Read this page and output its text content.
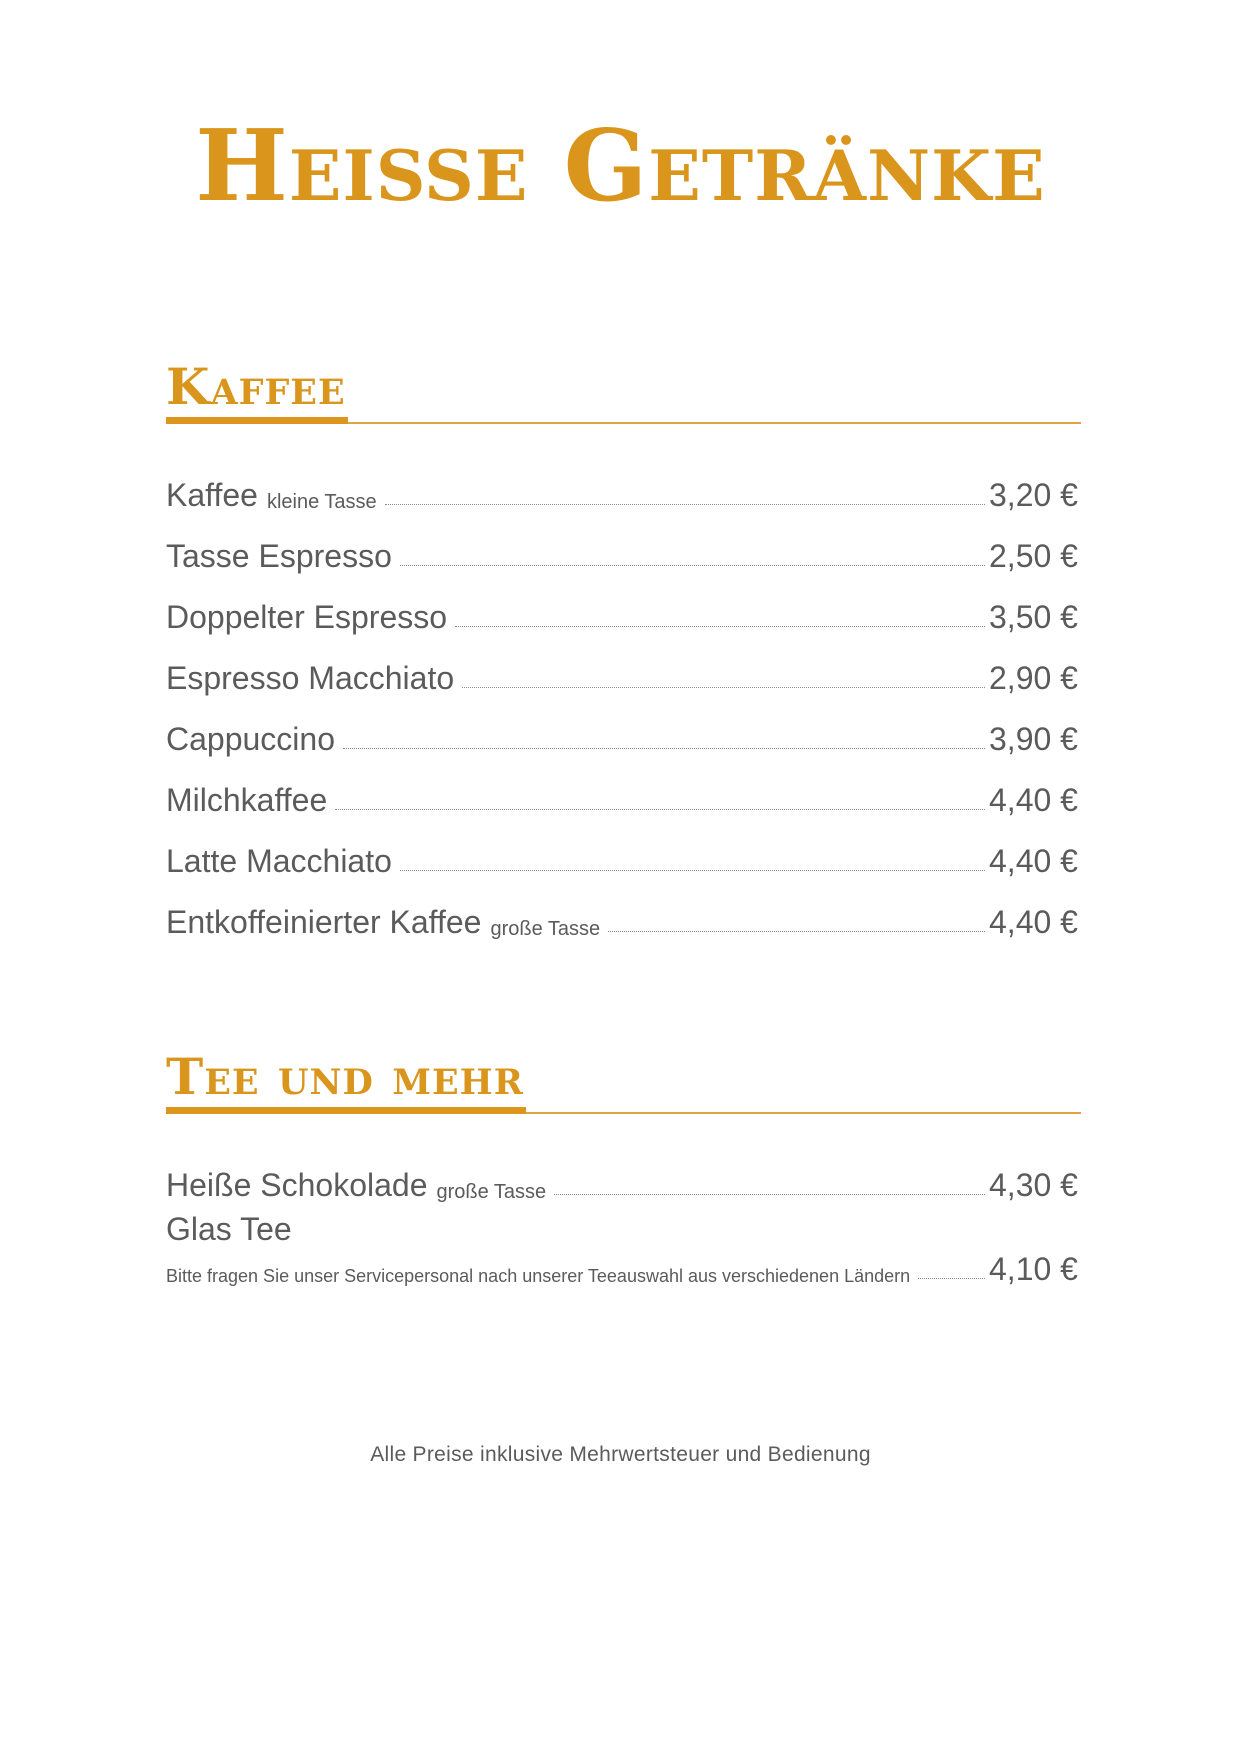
Heiße Getränke
Kaffee
Kaffee kleine Tasse	3,20 €
Tasse Espresso	2,50 €
Doppelter Espresso	3,50 €
Espresso Macchiato	2,90 €
Cappuccino	3,90 €
Milchkaffee	4,40 €
Latte Macchiato	4,40 €
Entkoffeinierter Kaffee große Tasse	4,40 €
Tee und mehr
Heiße Schokolade große Tasse	4,30 €
Glas Tee
Bitte fragen Sie unser Servicepersonal nach unserer Teeauswahl aus verschiedenen Ländern 4,10 €

Alle Preise inklusive Mehrwertsteuer und Bedienung
